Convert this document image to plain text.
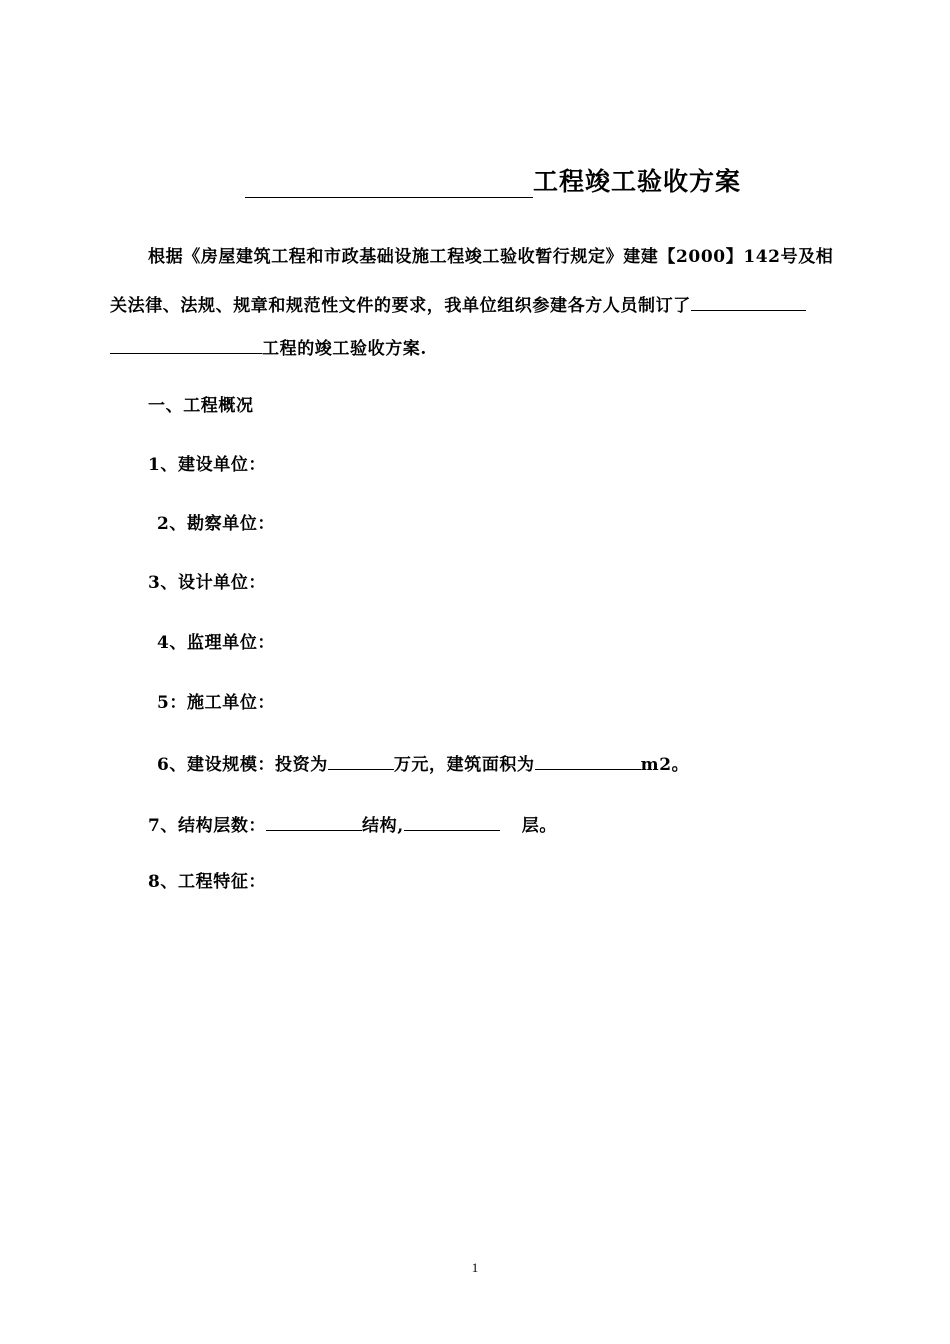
工程竣工验收方案
根据《房屋建筑工程和市政基础设施工程竣工验收暂行规定》建建【2000】142号及相
关法律、法规、规章和规范性文件的要求，我单位组织参建各方人员制订了
工程的竣工验收方案.
一、工程概况
1、建设单位：
2、勘察单位：
3、设计单位：
4、监理单位：
5：施工单位：
6、建设规模：投资为	万元，建筑面积为	m2。
7、结构层数：	结构,	层。
8、工程特征：
1
